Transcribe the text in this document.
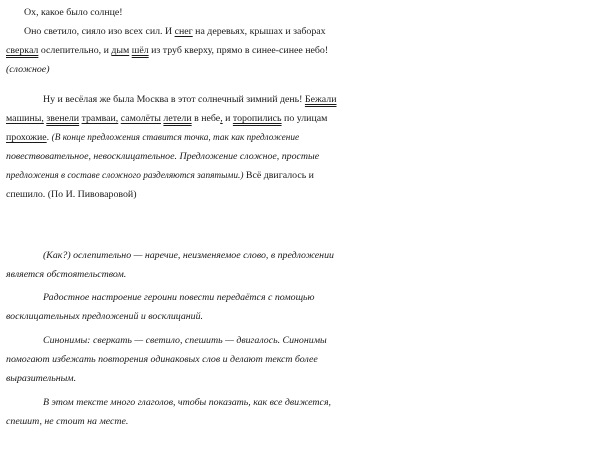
Ох, какое было солнце!
Оно светило, сияло изо всех сил. И снег на деревьях, крышах и заборах
сверкал ослепительно, и дым шёл из труб кверху, прямо в синее-синее небо!
(сложное)
Ну и весёлая же была Москва в этот солнечный зимний день! Бежали
машины, звенели трамваи, самолёты летели в небе, и торопились по улицам
прохожие. (В конце предложения ставится точка, так как предложение
повествовательное, невосклицательное. Предложение сложное, простые
предложения в составе сложного разделяются запятыми.) Всё двигалось и
спешило. (По И. Пивоваровой)
(Как?) ослепительно — наречие, неизменяемое слово, в предложении
является обстоятельством.
Радостное настроение героини повести передаётся с помощью
восклицательных предложений и восклицаний.
Синонимы: сверкать — светило, спешить — двигалось. Синонимы
помогают избежать повторения одинаковых слов и делают текст более
выразительным.
В этом тексте много глаголов, чтобы показать, как все движется,
спешит, не стоит на месте.
